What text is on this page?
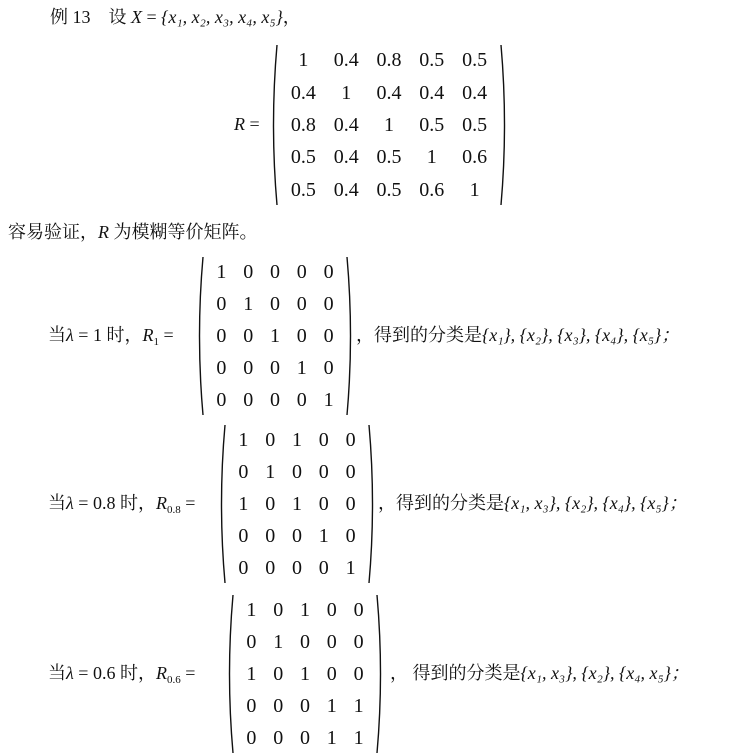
例 13 设 X = {x₁, x₂, x₃, x₄, x₅}，
R =
1	0.4 0.8 0.5 0.5
0.4	1	0.4 0.4 0.4
0.8 0.4	1	0.5 0.5
0.5 0.4 0.5	1	0.6
0.5 0.4 0.5 0.6	1
容易验证，R 为模糊等价矩阵。
当λ = 1 时，$R_1$ =
1 0 0 0 0
0 1 0 0 0
0 0 1 0 0
0 0 0 1 0
0 0 0 0 1
，得到的分类是{x₁}, {x₂}, {x₃}, {x₄}, {x₅}；
当λ = 0.8 时，$R_{0.8}$ =
1 0 1 0 0
0 1 0 0 0
1 0 1 0 0
0 0 0 1 0
0 0 0 0 1
，得到的分类是{x₁, x₃}, {x₂}, {x₄}, {x₅}；
当λ = 0.6 时，$R_{0.6}$ =
1 0 1 0 0
0 1 0 0 0
1 0 1 0 0
0 0 0 1 1
0 0 0 1 1
， 得到的分类是{x₁, x₃}, {x₂}, {x₄, x₅}；
